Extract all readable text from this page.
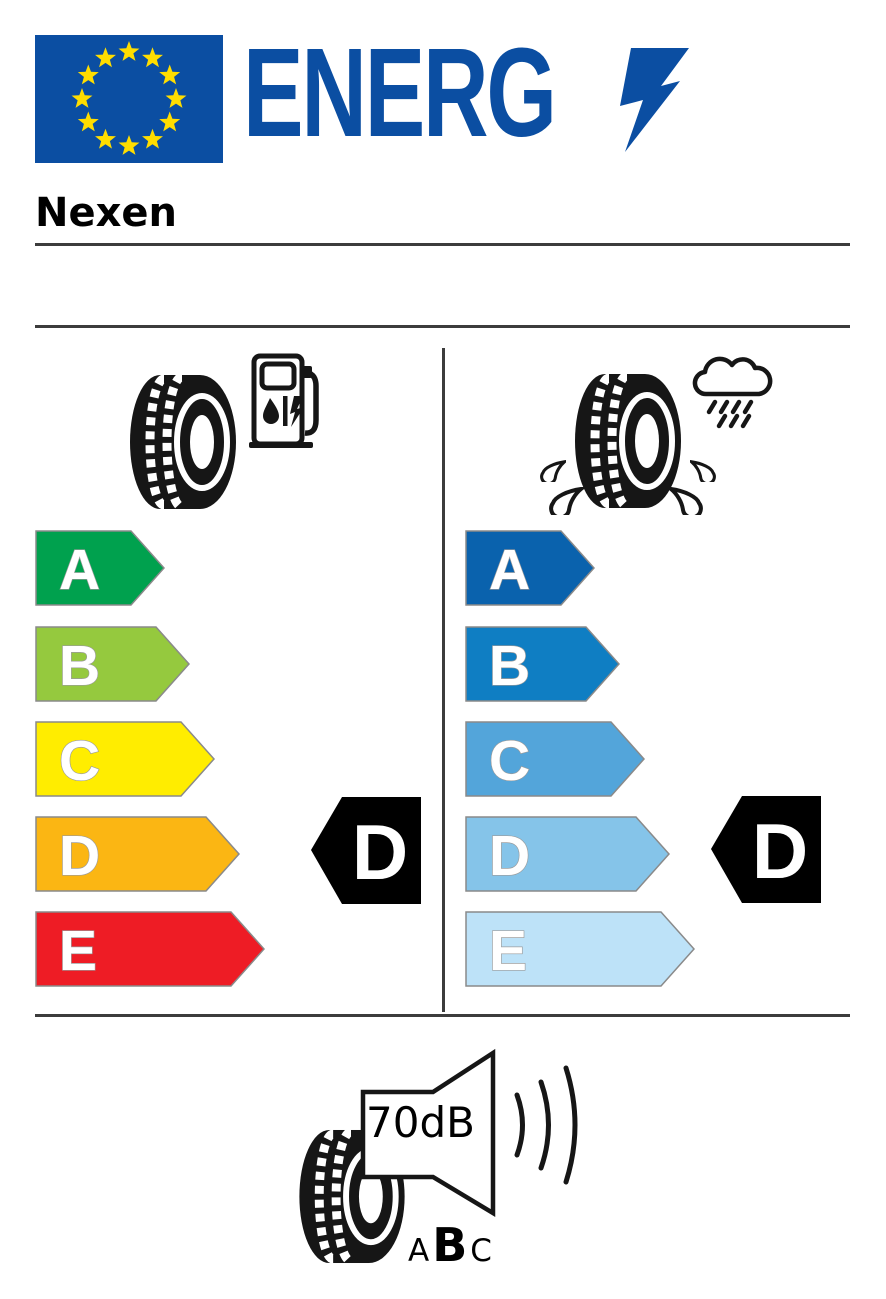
ENERG
Nexen
A
B
C
D
E
D
A
B
C
D
E
D
70dB
A B C
